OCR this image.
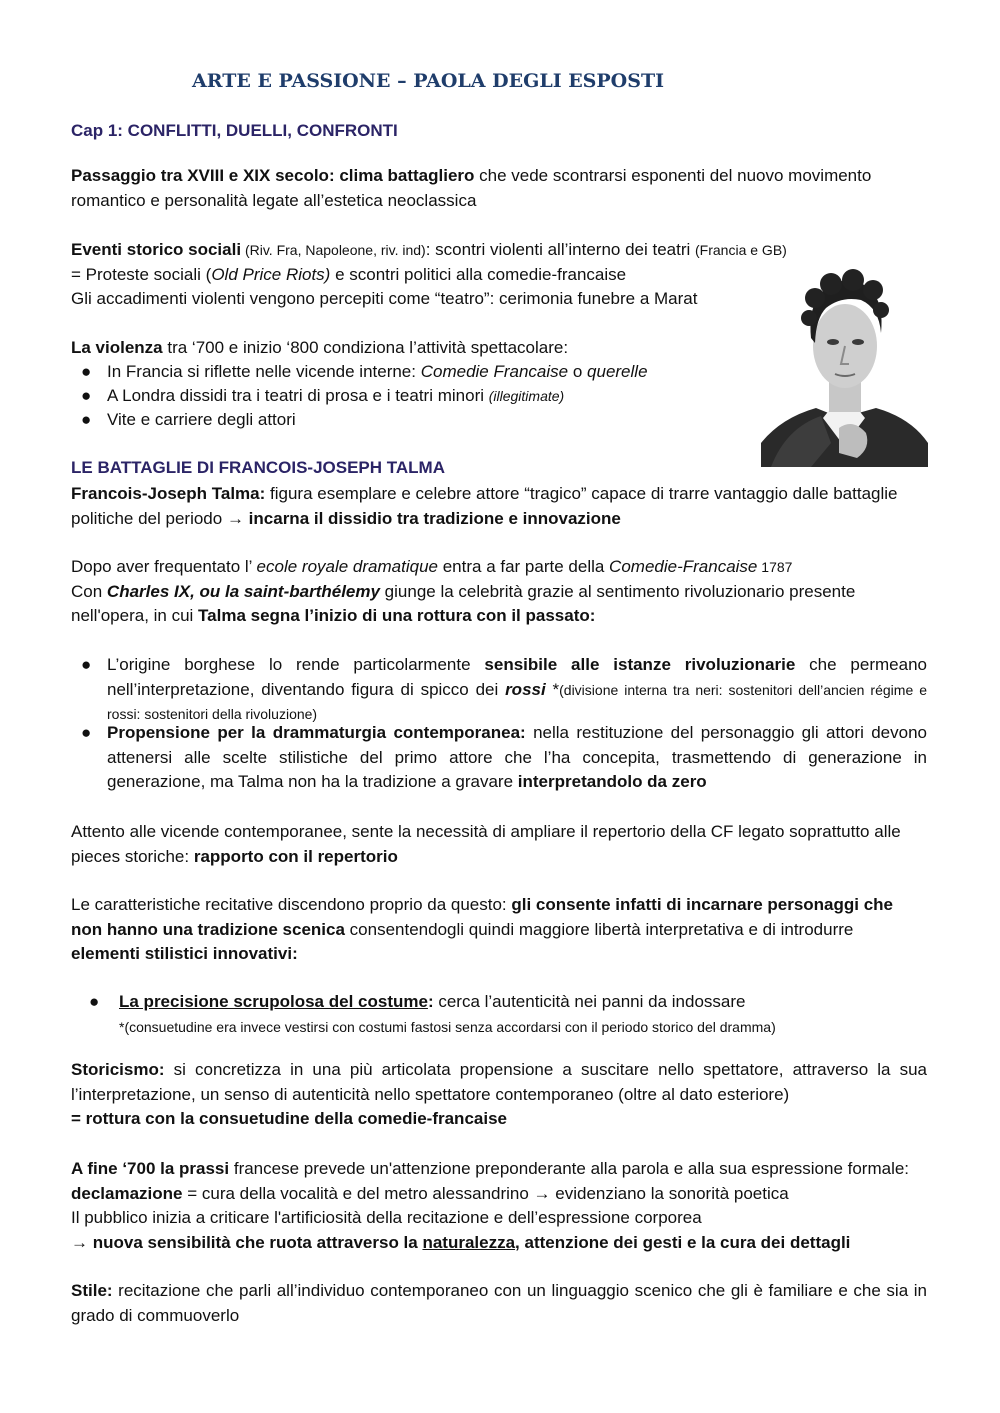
ARTE E PASSIONE – PAOLA DEGLI ESPOSTI
Cap 1: CONFLITTI, DUELLI, CONFRONTI
Passaggio tra XVIII e XIX secolo: clima battagliero che vede scontrarsi esponenti del nuovo movimento romantico e personalità legate all’estetica neoclassica
Eventi storico sociali (Riv. Fra, Napoleone, riv. ind): scontri violenti all’interno dei teatri (Francia e GB)
= Proteste sociali (Old Price Riots) e scontri politici alla comedie-francaise
Gli accadimenti violenti vengono percepiti come “teatro”: cerimonia funebre a Marat
La violenza tra ‘700 e inizio ‘800 condiziona l’attività spettacolare:
● In Francia si riflette nelle vicende interne: Comedie Francaise o querelle
● A Londra dissidi tra i teatri di prosa e i teatri minori (illegitimate)
● Vite e carriere degli attori
LE BATTAGLIE DI FRANCOIS-JOSEPH TALMA
Francois-Joseph Talma: figura esemplare e celebre attore “tragico” capace di trarre vantaggio dalle battaglie politiche del periodo → incarna il dissidio tra tradizione e innovazione
Dopo aver frequentato l’ ecole royale dramatique entra a far parte della Comedie-Francaise 1787
Con Charles IX, ou la saint-barthélemy giunge la celebrità grazie al sentimento rivoluzionario presente nell'opera, in cui Talma segna l’inizio di una rottura con il passato:
● L’origine borghese lo rende particolarmente sensibile alle istanze rivoluzionarie che permeano nell’interpretazione, diventando figura di spicco dei rossi *(divisione interna tra neri: sostenitori dell’ancien régime e rossi: sostenitori della rivoluzione)
● Propensione per la drammaturgia contemporanea: nella restituzione del personaggio gli attori devono attenersi alle scelte stilistiche del primo attore che l’ha concepita, trasmettendo di generazione in generazione, ma Talma non ha la tradizione a gravare interpretandolo da zero
Attento alle vicende contemporanee, sente la necessità di ampliare il repertorio della CF legato soprattutto alle pieces storiche: rapporto con il repertorio
Le caratteristiche recitative discendono proprio da questo: gli consente infatti di incarnare personaggi che non hanno una tradizione scenica consentendogli quindi maggiore libertà interpretativa e di introdurre elementi stilistici innovativi:
● La precisione scrupolosa del costume: cerca l’autenticità nei panni da indossare
*(consuetudine era invece vestirsi con costumi fastosi senza accordarsi con il periodo storico del dramma)
Storicismo: si concretizza in una più articolata propensione a suscitare nello spettatore, attraverso la sua l’interpretazione, un senso di autenticità nello spettatore contemporaneo (oltre al dato esteriore)
= rottura con la consuetudine della comedie-francaise
A fine ‘700 la prassi francese prevede un'attenzione preponderante alla parola e alla sua espressione formale: declamazione = cura della vocalità e del metro alessandrino → evidenziano la sonorità poetica
Il pubblico inizia a criticare l'artificiosità della recitazione e dell’espressione corporea
→ nuova sensibilità che ruota attraverso la naturalezza, attenzione dei gesti e la cura dei dettagli
Stile: recitazione che parli all’individuo contemporaneo con un linguaggio scenico che gli è familiare e che sia in grado di commuoverlo
